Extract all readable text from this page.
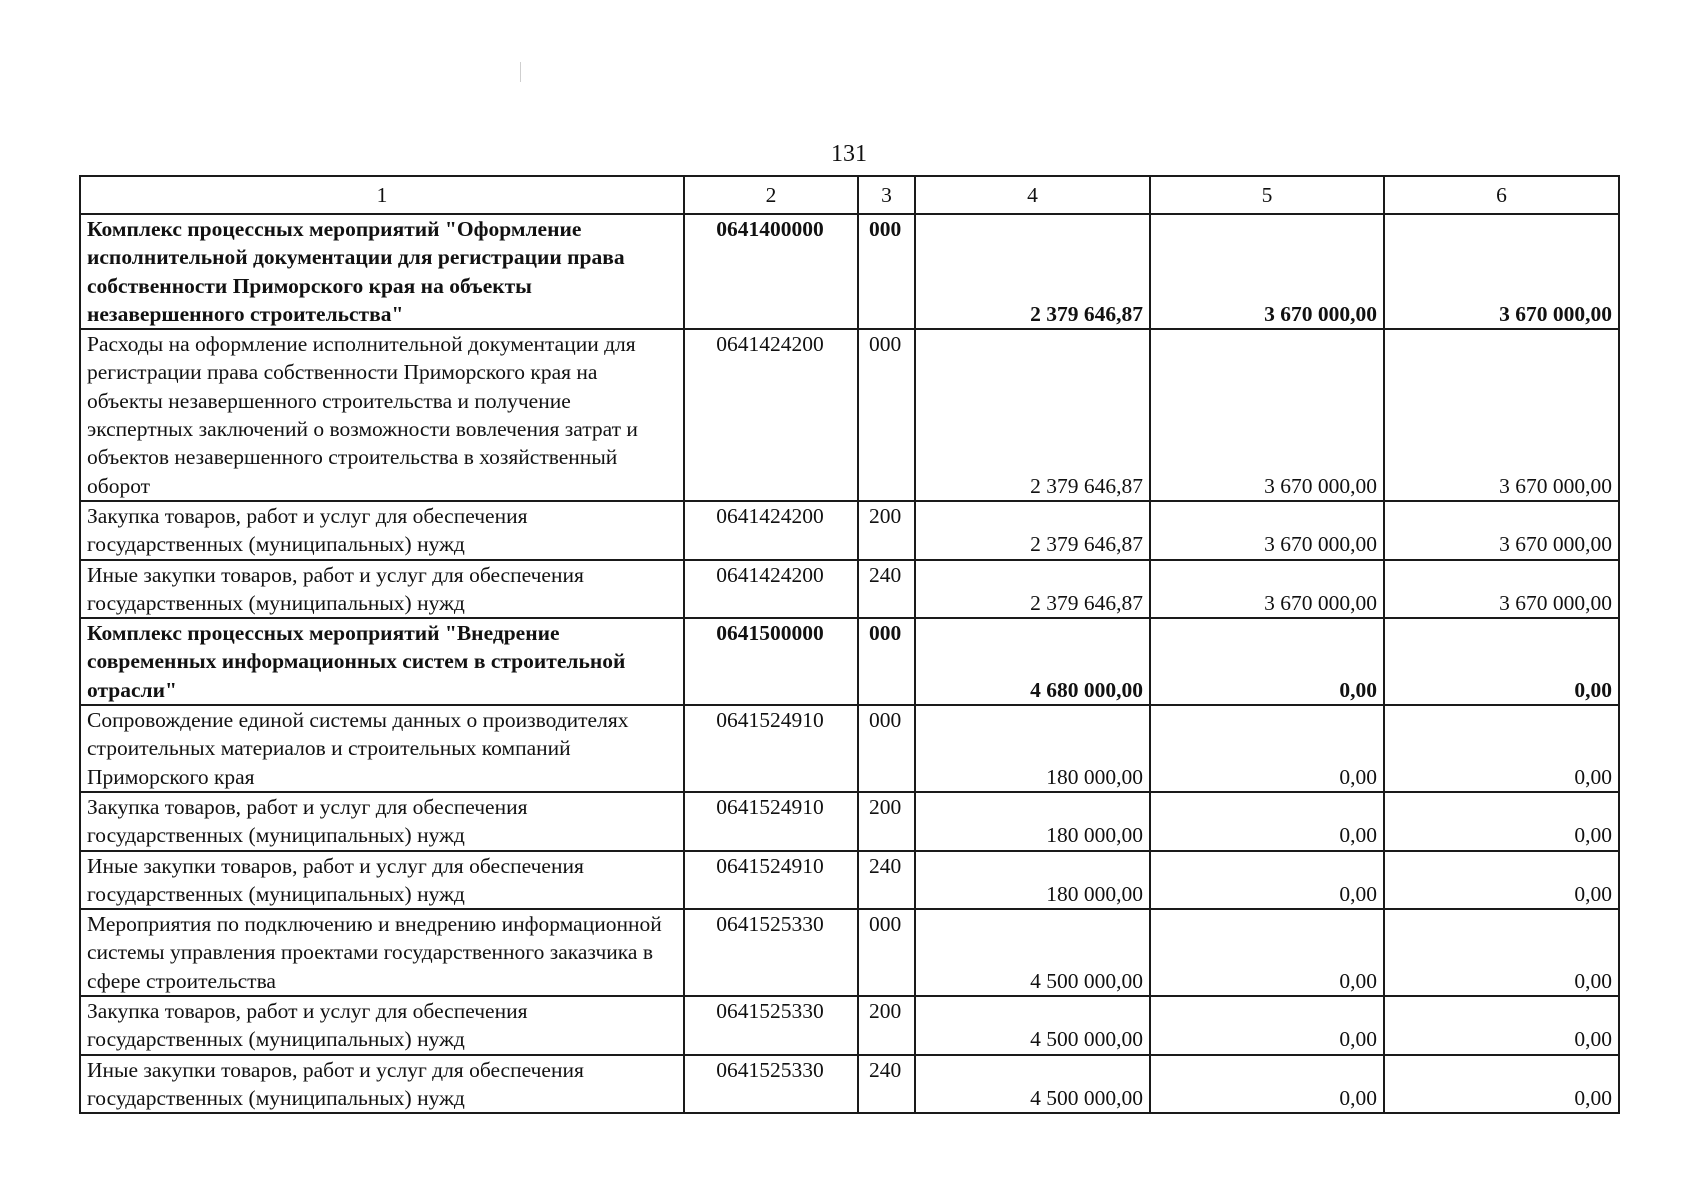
131
1	2	3	4	5	6
Комплекс процессных мероприятий "Оформление исполнительной документации для регистрации права собственности Приморского края на объекты незавершенного строительства"	0641400000	000	2 379 646,87	3 670 000,00	3 670 000,00
Расходы на оформление исполнительной документации для регистрации права собственности Приморского края на объекты незавершенного строительства и получение экспертных заключений о возможности вовлечения затрат и объектов незавершенного строительства в хозяйственный оборот	0641424200	000	2 379 646,87	3 670 000,00	3 670 000,00
Закупка товаров, работ и услуг для обеспечения государственных (муниципальных) нужд	0641424200	200	2 379 646,87	3 670 000,00	3 670 000,00
Иные закупки товаров, работ и услуг для обеспечения государственных (муниципальных) нужд	0641424200	240	2 379 646,87	3 670 000,00	3 670 000,00
Комплекс процессных мероприятий "Внедрение современных информационных систем в строительной отрасли"	0641500000	000	4 680 000,00	0,00	0,00
Сопровождение единой системы данных о производителях строительных материалов и строительных компаний Приморского края	0641524910	000	180 000,00	0,00	0,00
Закупка товаров, работ и услуг для обеспечения государственных (муниципальных) нужд	0641524910	200	180 000,00	0,00	0,00
Иные закупки товаров, работ и услуг для обеспечения государственных (муниципальных) нужд	0641524910	240	180 000,00	0,00	0,00
Мероприятия по подключению и внедрению информационной системы управления проектами государственного заказчика в сфере строительства	0641525330	000	4 500 000,00	0,00	0,00
Закупка товаров, работ и услуг для обеспечения государственных (муниципальных) нужд	0641525330	200	4 500 000,00	0,00	0,00
Иные закупки товаров, работ и услуг для обеспечения государственных (муниципальных) нужд	0641525330	240	4 500 000,00	0,00	0,00
